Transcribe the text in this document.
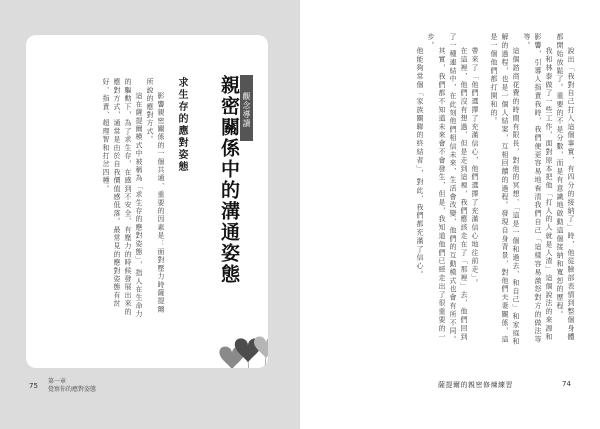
觀念導讀
親密關係中的溝通姿態
求生存的應對姿態

影響親密關係的一個共通、重要的因素是：面對壓力時薩提爾所說的應對方式。

這在薩提爾模式中被稱為「求生存的應對姿態」，指人在生命力的驅動下，為了求生存，在感到不安全、有壓力的時候發展出來的應對方式，通常是由於自我價值感低落。最常見的應對姿態有討好、指責、超理智和打岔四種。

75
第一章
覺察你的應對姿態

說出「我對自己打入這個事實，有四分的接納了」時，他從臉部表情到整個身體都開始放鬆了。重要的不是分數，而是有意識地啟動這個接納和寬恕的歷程。

我和林泰做了一些工作，面對原本把他「打人的人就是人渣」這個說法的來源和影響，引導人指責我時，我們便更容易地看清我們自己「這樣容易激怒對方的做法等等。

這個諮商花費的時間有限長，對他的冥想、「這是一個和過去、和自己」和家庭和解的過程，也是一個人結案，互相回饋的過程。發現自身背景，對他們夫妻關係，這是一個他們都打開和的。

帶來了「他們選擇了充滿信心，他們選擇了充滿信心地往前走」。

在這裡，他們沒有想過，但是走到這裡，我們應該走在了「那裡」去，他們回到了一種連結中，在此刻他們相信未來，生活會改變，他們的互動模式也會有所不同。

其實，我們都不知道未來會不會發生，但是，我知道他們已經走出了很重要的一步。

他能夠常個「家族關聯的終結者」，對此，我們都充滿了信心。

薩提爾的親密修煉練習	74
